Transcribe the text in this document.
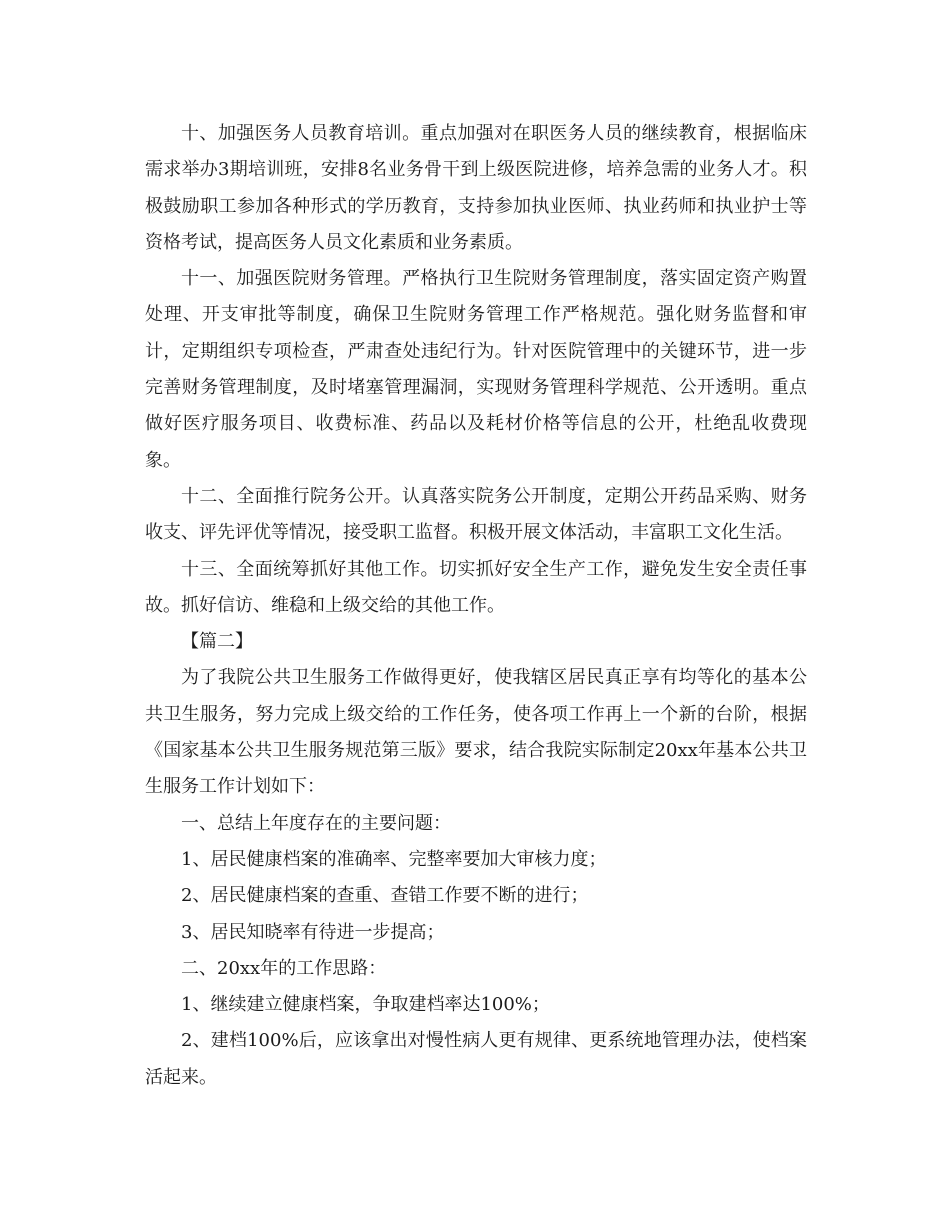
十、加强医务人员教育培训。重点加强对在职医务人员的继续教育，根据临床需求举办3期培训班，安排8名业务骨干到上级医院进修，培养急需的业务人才。积极鼓励职工参加各种形式的学历教育，支持参加执业医师、执业药师和执业护士等资格考试，提高医务人员文化素质和业务素质。

十一、加强医院财务管理。严格执行卫生院财务管理制度，落实固定资产购置处理、开支审批等制度，确保卫生院财务管理工作严格规范。强化财务监督和审计，定期组织专项检查，严肃查处违纪行为。针对医院管理中的关键环节，进一步完善财务管理制度，及时堵塞管理漏洞，实现财务管理科学规范、公开透明。重点做好医疗服务项目、收费标准、药品以及耗材价格等信息的公开，杜绝乱收费现象。

十二、全面推行院务公开。认真落实院务公开制度，定期公开药品采购、财务收支、评先评优等情况，接受职工监督。积极开展文体活动，丰富职工文化生活。

十三、全面统筹抓好其他工作。切实抓好安全生产工作，避免发生安全责任事故。抓好信访、维稳和上级交给的其他工作。

【篇二】

为了我院公共卫生服务工作做得更好，使我辖区居民真正享有均等化的基本公共卫生服务，努力完成上级交给的工作任务，使各项工作再上一个新的台阶，根据《国家基本公共卫生服务规范第三版》要求，结合我院实际制定20xx年基本公共卫生服务工作计划如下：

一、总结上年度存在的主要问题：

1、居民健康档案的准确率、完整率要加大审核力度；

2、居民健康档案的查重、查错工作要不断的进行；

3、居民知晓率有待进一步提高；

二、20xx年的工作思路：

1、继续建立健康档案，争取建档率达100%；

2、建档100%后，应该拿出对慢性病人更有规律、更系统地管理办法，使档案活起来。
